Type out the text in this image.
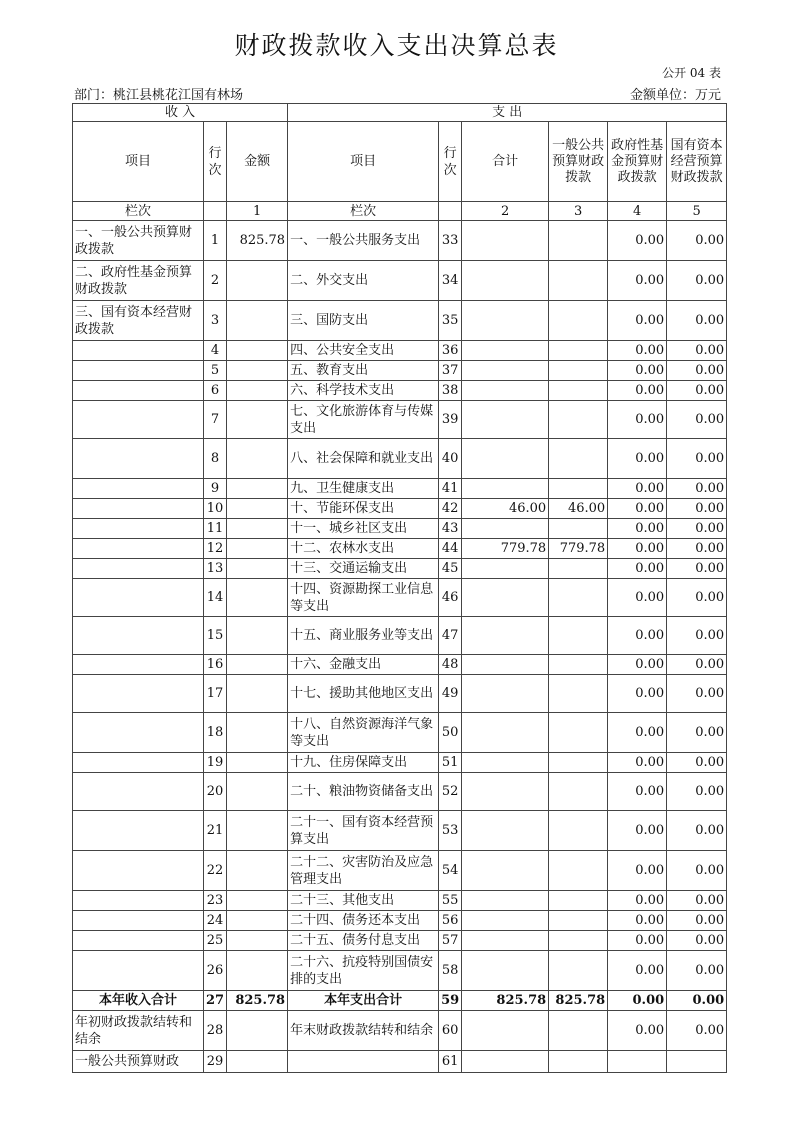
财政拨款收入支出决算总表
公开 04 表
部门：桃江县桃花江国有林场	金额单位：万元
收 入			支 出					
项目	行次	金额	项目	行次	合计	一般公共预算财政拨款	政府性基金预算财政拨款	国有资本经营预算财政拨款
栏次		1	栏次		2	3	4	5
一、一般公共预算财政拨款	1	825.78	一、一般公共服务支出	33			0.00	0.00
二、政府性基金预算财政拨款	2		二、外交支出	34			0.00	0.00
三、国有资本经营财政拨款	3		三、国防支出	35			0.00	0.00
	4		四、公共安全支出	36			0.00	0.00
	5		五、教育支出	37			0.00	0.00
	6		六、科学技术支出	38			0.00	0.00
	7		七、文化旅游体育与传媒支出	39			0.00	0.00
	8		八、社会保障和就业支出	40			0.00	0.00
	9		九、卫生健康支出	41			0.00	0.00
	10		十、节能环保支出	42	46.00	46.00	0.00	0.00
	11		十一、城乡社区支出	43			0.00	0.00
	12		十二、农林水支出	44	779.78	779.78	0.00	0.00
	13		十三、交通运输支出	45			0.00	0.00
	14		十四、资源勘探工业信息等支出	46			0.00	0.00
	15		十五、商业服务业等支出	47			0.00	0.00
	16		十六、金融支出	48			0.00	0.00
	17		十七、援助其他地区支出	49			0.00	0.00
	18		十八、自然资源海洋气象等支出	50			0.00	0.00
	19		十九、住房保障支出	51			0.00	0.00
	20		二十、粮油物资储备支出	52			0.00	0.00
	21		二十一、国有资本经营预算支出	53			0.00	0.00
	22		二十二、灾害防治及应急管理支出	54			0.00	0.00
	23		二十三、其他支出	55			0.00	0.00
	24		二十四、债务还本支出	56			0.00	0.00
	25		二十五、债务付息支出	57			0.00	0.00
	26		二十六、抗疫特别国债安排的支出	58			0.00	0.00
本年收入合计	27	825.78	本年支出合计	59	825.78	825.78	0.00	0.00
年初财政拨款结转和结余	28		年末财政拨款结转和结余	60			0.00	0.00
一般公共预算财政	29			61				
